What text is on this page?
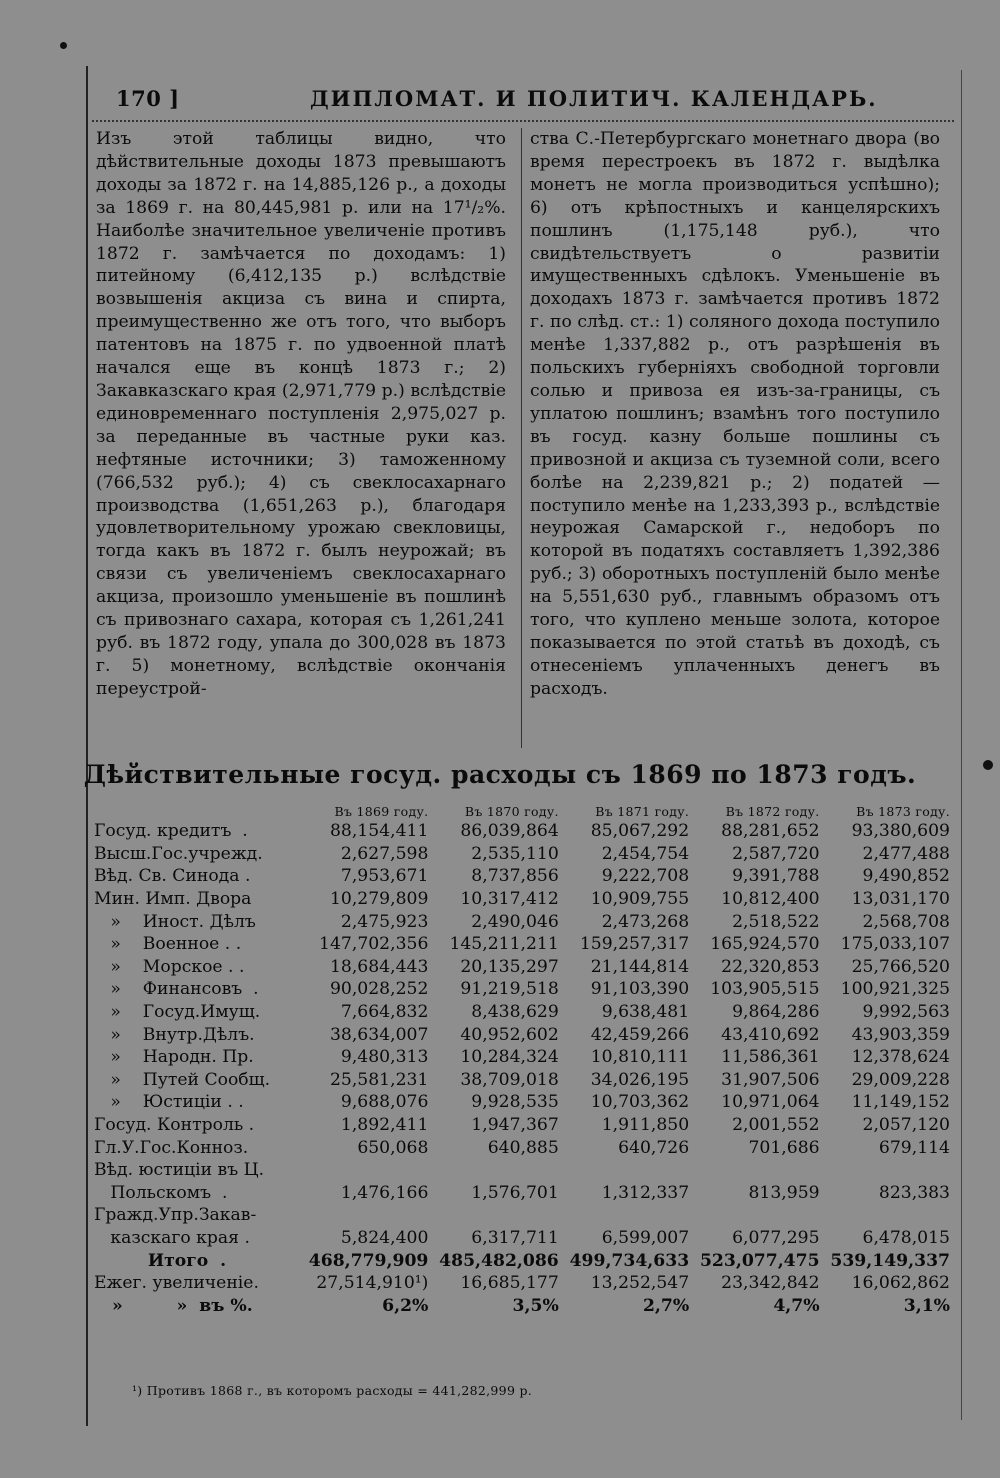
170 ]	ДИПЛОМАТ. И ПОЛИТИЧ. КАЛЕНДАРЬ.
Изъ этой таблицы видно, что дѣйствительные доходы 1873 превышаютъ доходы за 1872 г. на 14,885,126 р., а доходы за 1869 г. на 80,445,981 р. или на 17¹/₂%. Наиболѣе значительное увеличеніе противъ 1872 г. замѣчается по доходамъ: 1) питейному (6,412,135 р.) вслѣдствіе возвышенія акциза съ вина и спирта, преимущественно же отъ того, что выборъ патентовъ на 1875 г. по удвоенной платѣ начался еще въ концѣ 1873 г.; 2) Закавказскаго края (2,971,779 р.) вслѣдствіе единовременнаго поступленія 2,975,027 р. за переданные въ частные руки каз. нефтяные источники; 3) таможенному (766,532 руб.); 4) съ свеклосахарнаго производства (1,651,263 р.), благодаря удовлетворительному урожаю свекловицы, тогда какъ въ 1872 г. былъ неурожай; въ связи съ увеличеніемъ свеклосахарнаго акциза, произошло уменьшеніе въ пошлинѣ съ привознаго сахара, которая съ 1,261,241 руб. въ 1872 году, упала до 300,028 въ 1873 г. 5) монетному, вслѣдствіе окончанія переустрой-
ства С.-Петербургскаго монетнаго двора (во время перестроекъ въ 1872 г. выдѣлка монетъ не могла производиться успѣшно); 6) отъ крѣпостныхъ и канцелярскихъ пошлинъ (1,175,148 руб.), что свидѣтельствуетъ о развитіи имущественныхъ сдѣлокъ. Уменьшеніе въ доходахъ 1873 г. замѣчается противъ 1872 г. по слѣд. ст.: 1) соляного дохода поступило менѣе 1,337,882 р., отъ разрѣшенія въ польскихъ губерніяхъ свободной торговли солью и привоза ея изъ-за-границы, съ уплатою пошлинъ; взамѣнъ того поступило въ госуд. казну больше пошлины съ привозной и акциза съ туземной соли, всего болѣе на 2,239,821 р.; 2) податей — поступило менѣе на 1,233,393 р., вслѣдствіе неурожая Самарской г., недоборъ по которой въ податяхъ составляетъ 1,392,386 руб.; 3) оборотныхъ поступленій было менѣе на 5,551,630 руб., главнымъ образомъ отъ того, что куплено меньше золота, которое показывается по этой статьѣ въ доходѣ, съ отнесеніемъ уплаченныхъ денегъ въ расходъ.
Дѣйствительные госуд. расходы съ 1869 по 1873 годъ.
	Въ 1869 году.	Въ 1870 году.	Въ 1871 году.	Въ 1872 году.	Въ 1873 году.
Госуд. кредитъ  .	88,154,411	86,039,864	85,067,292	88,281,652	93,380,609
Высш.Гос.учрежд.	2,627,598	2,535,110	2,454,754	2,587,720	2,477,488
Вѣд. Св. Синода .	7,953,671	8,737,856	9,222,708	9,391,788	9,490,852
Мин. Имп. Двора	10,279,809	10,317,412	10,909,755	10,812,400	13,031,170
»    Иност. Дѣлъ	2,475,923	2,490,046	2,473,268	2,518,522	2,568,708
»    Военное . .	147,702,356	145,211,211	159,257,317	165,924,570	175,033,107
»    Морское . .	18,684,443	20,135,297	21,144,814	22,320,853	25,766,520
»    Финансовъ  .	90,028,252	91,219,518	91,103,390	103,905,515	100,921,325
»    Госуд.Имущ.	7,664,832	8,438,629	9,638,481	9,864,286	9,992,563
»    Внутр.Дѣлъ.	38,634,007	40,952,602	42,459,266	43,410,692	43,903,359
»    Народн. Пр.	9,480,313	10,284,324	10,810,111	11,586,361	12,378,624
»    Путей Сообщ.	25,581,231	38,709,018	34,026,195	31,907,506	29,009,228
»    Юстиціи . .	9,688,076	9,928,535	10,703,362	10,971,064	11,149,152
Госуд. Контроль .	1,892,411	1,947,367	1,911,850	2,001,552	2,057,120
Гл.У.Гос.Коннoз.	650,068	640,885	640,726	701,686	679,114
Вѣд. юстиціи въ Ц.					
Польскомъ  .	1,476,166	1,576,701	1,312,337	813,959	823,383
Гражд.Упр.Закав-					
казскаго края .	5,824,400	6,317,711	6,599,007	6,077,295	6,478,015
Итого  .	468,779,909	485,482,086	499,734,633	523,077,475	539,149,337
Ежег. увеличеніе.	27,514,910¹)	16,685,177	13,252,547	23,342,842	16,062,862
»         »  въ %.	6,2%	3,5%	2,7%	4,7%	3,1%
¹) Противъ 1868 г., въ которомъ расходы = 441,282,999 р.
